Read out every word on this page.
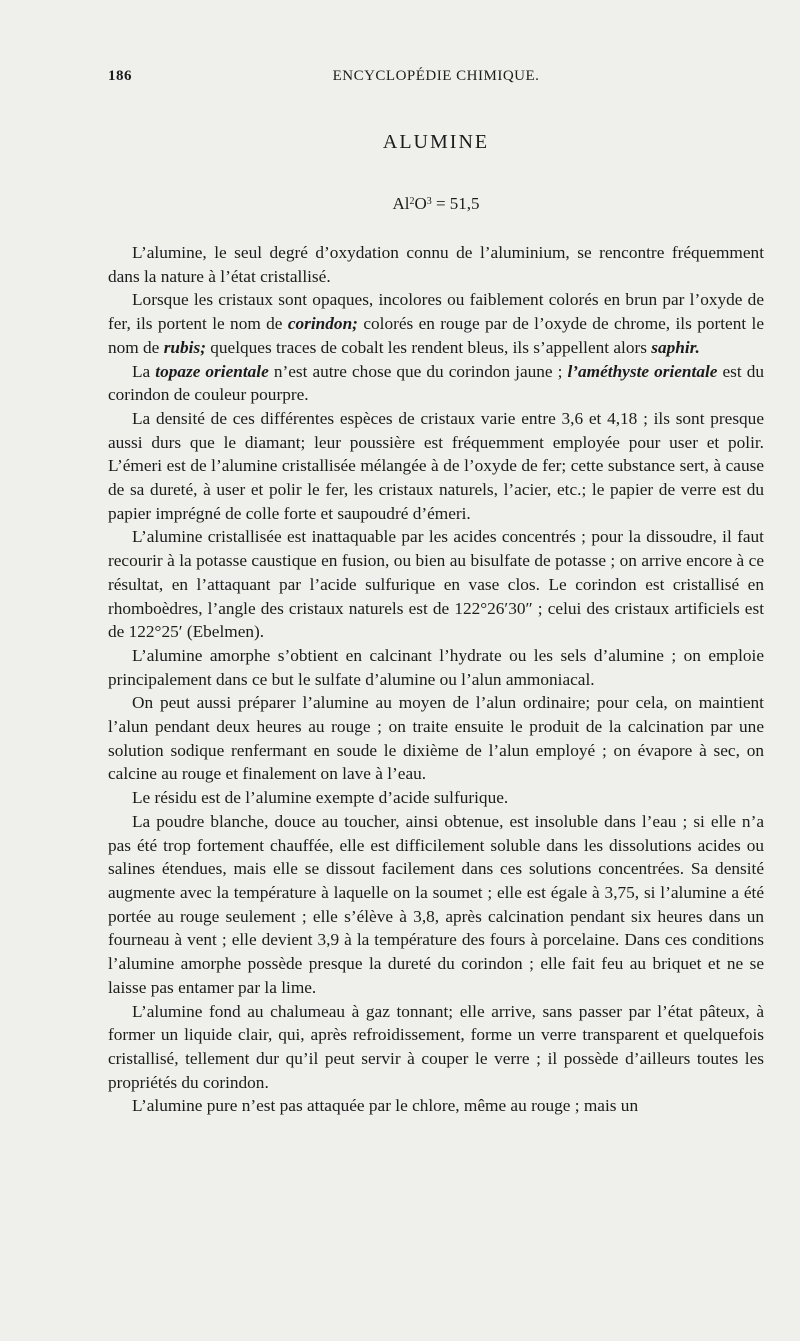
186	ENCYCLOPÉDIE CHIMIQUE.
ALUMINE
$Al^2O^3 = 51,5$

L’alumine, le seul degré d’oxydation connu de l’aluminium, se rencontre fréquemment dans la nature à l’état cristallisé.

Lorsque les cristaux sont opaques, incolores ou faiblement colorés en brun par l’oxyde de fer, ils portent le nom de corindon; colorés en rouge par de l’oxyde de chrome, ils portent le nom de rubis; quelques traces de cobalt les rendent bleus, ils s’appellent alors saphir.

La topaze orientale n’est autre chose que du corindon jaune ; l’améthyste orientale est du corindon de couleur pourpre.

La densité de ces différentes espèces de cristaux varie entre 3,6 et 4,18 ; ils sont presque aussi durs que le diamant; leur poussière est fréquemment employée pour user et polir. L’émeri est de l’alumine cristallisée mélangée à de l’oxyde de fer; cette substance sert, à cause de sa dureté, à user et polir le fer, les cristaux naturels, l’acier, etc.; le papier de verre est du papier imprégné de colle forte et saupoudré d’émeri.

L’alumine cristallisée est inattaquable par les acides concentrés ; pour la dissoudre, il faut recourir à la potasse caustique en fusion, ou bien au bisulfate de potasse ; on arrive encore à ce résultat, en l’attaquant par l’acide sulfurique en vase clos. Le corindon est cristallisé en rhomboèdres, l’angle des cristaux naturels est de 122°26′30″ ; celui des cristaux artificiels est de 122°25′ (Ebelmen).

L’alumine amorphe s’obtient en calcinant l’hydrate ou les sels d’alumine ; on emploie principalement dans ce but le sulfate d’alumine ou l’alun ammoniacal.

On peut aussi préparer l’alumine au moyen de l’alun ordinaire; pour cela, on maintient l’alun pendant deux heures au rouge ; on traite ensuite le produit de la calcination par une solution sodique renfermant en soude le dixième de l’alun employé ; on évapore à sec, on calcine au rouge et finalement on lave à l’eau.

Le résidu est de l’alumine exempte d’acide sulfurique.

La poudre blanche, douce au toucher, ainsi obtenue, est insoluble dans l’eau ; si elle n’a pas été trop fortement chauffée, elle est difficilement soluble dans les dissolutions acides ou salines étendues, mais elle se dissout facilement dans ces solutions concentrées. Sa densité augmente avec la température à laquelle on la soumet ; elle est égale à 3,75, si l’alumine a été portée au rouge seulement ; elle s’élève à 3,8, après calcination pendant six heures dans un fourneau à vent ; elle devient 3,9 à la température des fours à porcelaine. Dans ces conditions l’alumine amorphe possède presque la dureté du corindon ; elle fait feu au briquet et ne se laisse pas entamer par la lime.

L’alumine fond au chalumeau à gaz tonnant; elle arrive, sans passer par l’état pâteux, à former un liquide clair, qui, après refroidissement, forme un verre transparent et quelquefois cristallisé, tellement dur qu’il peut servir à couper le verre ; il possède d’ailleurs toutes les propriétés du corindon.

L’alumine pure n’est pas attaquée par le chlore, même au rouge ; mais un
